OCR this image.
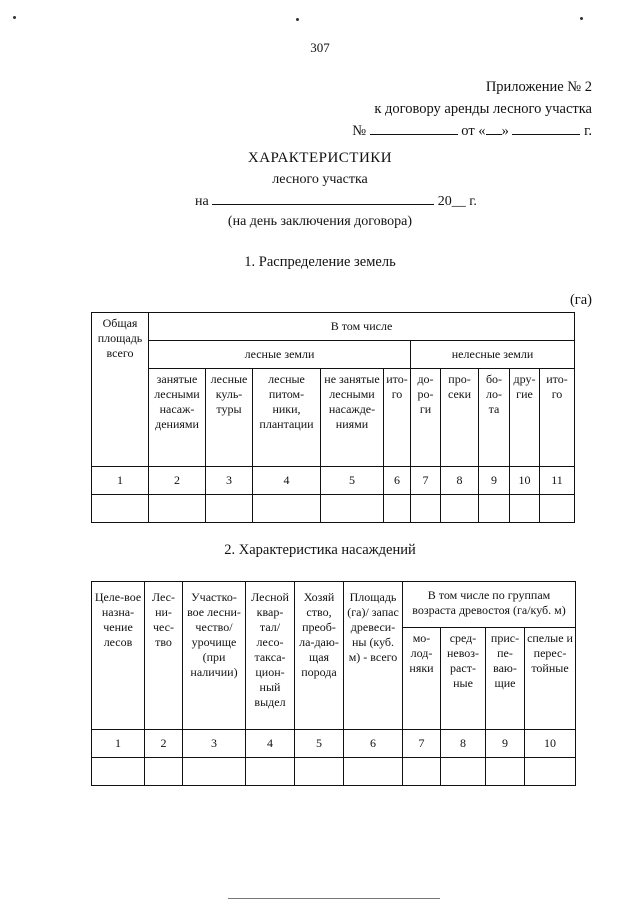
307
Приложение № 2
к договору аренды лесного участка
№	от « »	г.
ХАРАКТЕРИСТИКИ
лесного участка
на	20__ г.
(на день заключения договора)
1. Распределение земель
(га)
Общая площадь всего	В том числе									
	лесные земли					нелесные земли				
	занятые лесными насаж-дениями	лесные куль-туры	лесные питом-ники, плантации	не занятые лесными насажде-ниями	ито-го	до-ро-ги	про-секи	бо-ло-та	дру-гие	ито-го
1	2	3	4	5	6	7	8	9	10	11

2. Характеристика насаждений
Целе-вое назна-чение лесов	Лес-ни-чес-тво	Участко-вое лесни-чество/ урочище (при наличии)	Лесной квар-тал/ лесо-такса-цион-ный выдел	Хозяй ство, преоб-ла-даю-щая порода	Площадь (га)/ запас древеси-ны (куб. м) - всего	В том числе по группам возраста древостоя (га/куб. м)			
						мо-лод-няки	сред-невоз-раст-ные	прис-пе-ваю-щие	спелые и перес-тойные
1	2	3	4	5	6	7	8	9	10
